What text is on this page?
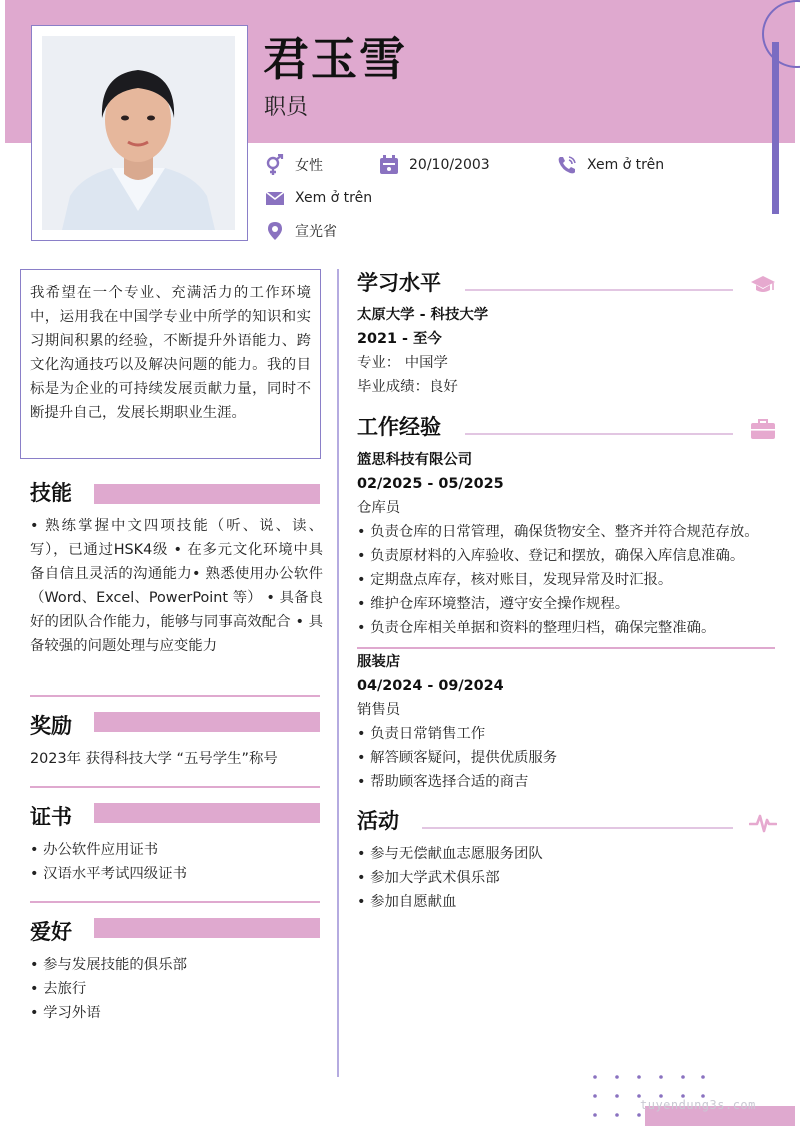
君玉雪
职员
女性	20/10/2003	Xem ở trên
Xem ở trên
宣光省
我希望在一个专业、充满活力的工作环境中，运用我在中国学专业中所学的知识和实习期间积累的经验，不断提升外语能力、跨文化沟通技巧以及解决问题的能力。我的目标是为企业的可持续发展贡献力量，同时不断提升自己，发展长期职业生涯。
技能
• 熟练掌握中文四项技能（听、说、读、写），已通过HSK4级 • 在多元文化环境中具备自信且灵活的沟通能力• 熟悉使用办公软件（Word、Excel、PowerPoint 等） • 具备良好的团队合作能力，能够与同事高效配合 • 具备较强的问题处理与应变能力
奖励
2023年 获得科技大学 “五号学生”称号
证书
• 办公软件应用证书
• 汉语水平考试四级证书
爱好
• 参与发展技能的俱乐部
• 去旅行
• 学习外语
学习水平
太原大学 - 科技大学
2021 - 至今
专业： 中国学
毕业成绩：良好
工作经验
篮思科技有限公司
02/2025 - 05/2025
仓库员
• 负责仓库的日常管理，确保货物安全、整齐并符合规范存放。
• 负责原材料的入库验收、登记和摆放，确保入库信息准确。
• 定期盘点库存，核对账目，发现异常及时汇报。
• 维护仓库环境整洁，遵守安全操作规程。
• 负责仓库相关单据和资料的整理归档，确保完整准确。
服装店
04/2024 - 09/2024
销售员
• 负责日常销售工作
• 解答顾客疑问，提供优质服务
• 帮助顾客选择合适的商吉
活动
• 参与无偿献血志愿服务团队
• 参加大学武术俱乐部
• 参加自愿献血
tuyendung3s.com
